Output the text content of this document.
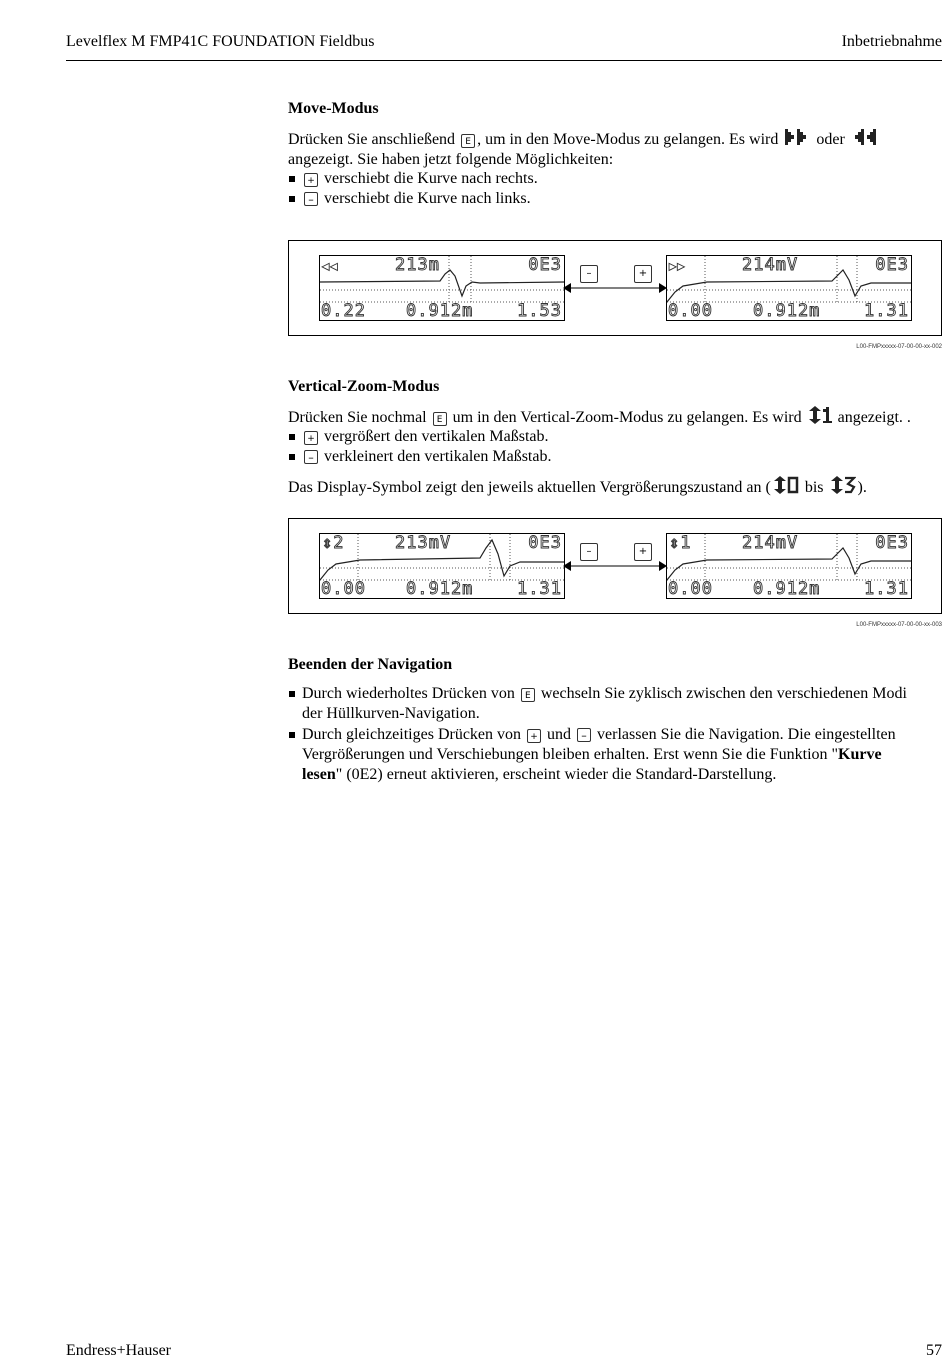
Levelflex M FMP41C FOUNDATION Fieldbus	Inbetriebnahme
Move-Modus
Drücken Sie anschließend E , um in den Move-Modus zu gelangen. Es wird oder
angezeigt. Sie haben jetzt folgende Möglichkeiten:
+ verschiebt die Kurve nach rechts.
– verschiebt die Kurve nach links.
◀◀	213m	0E3
0.22 0.912m	1.53
–	+
▶▶	214mV	0E3
0.00 0.912m	1.31
L00-FMPxxxxx-07-00-00-xx-002
Vertical-Zoom-Modus
Drücken Sie nochmal E um in den Vertical-Zoom-Modus zu gelangen. Es wird angezeigt. .
+ vergrößert den vertikalen Maßstab.
– verkleinert den vertikalen Maßstab.
Das Display-Symbol zeigt den jeweils aktuellen Vergrößerungszustand an ( bis ).
⇕2	213mV	0E3
0.00 0.912m	1.31
–	+ ⇕1	214mV	0E3
0.00 0.912m	1.31
L00-FMPxxxxx-07-00-00-xx-003
Beenden der Navigation
Durch wiederholtes Drücken von E wechseln Sie zyklisch zwischen den verschiedenen Modi
der Hüllkurven-Navigation.
Durch gleichzeitiges Drücken von + und – verlassen Sie die Navigation. Die eingestellten
Vergrößerungen und Verschiebungen bleiben erhalten. Erst wenn Sie die Funktion "Kurve
lesen" (0E2) erneut aktivieren, erscheint wieder die Standard-Darstellung.
Endress+Hauser	57
